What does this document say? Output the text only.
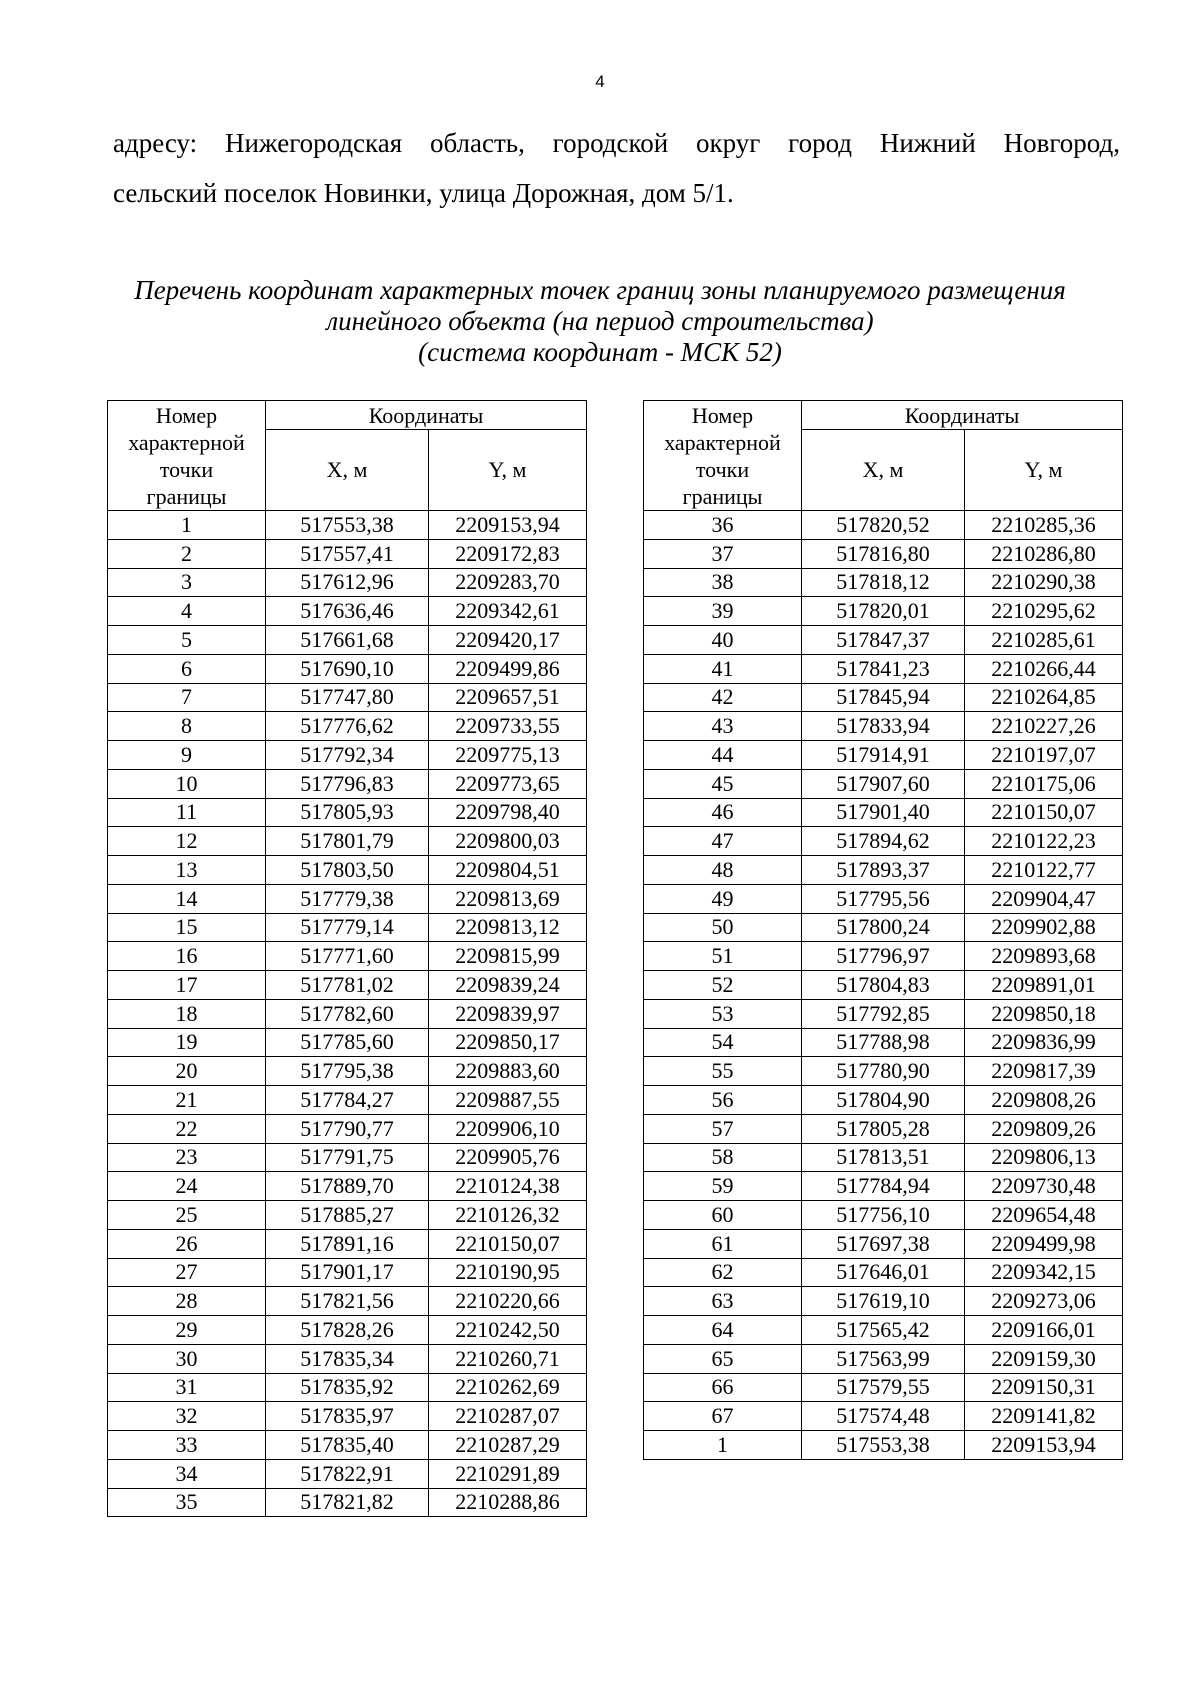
4
адресу: Нижегородская область, городской округ город Нижний Новгород,
сельский поселок Новинки, улица Дорожная, дом 5/1.
Перечень координат характерных точек границ зоны планируемого размещения
линейного объекта (на период строительства)
(система координат - МСК 52)
Номер
характерной
точки
границы	Координаты	
	X, м	Y, м
1	517553,38	2209153,94
2	517557,41	2209172,83
3	517612,96	2209283,70
4	517636,46	2209342,61
5	517661,68	2209420,17
6	517690,10	2209499,86
7	517747,80	2209657,51
8	517776,62	2209733,55
9	517792,34	2209775,13
10	517796,83	2209773,65
11	517805,93	2209798,40
12	517801,79	2209800,03
13	517803,50	2209804,51
14	517779,38	2209813,69
15	517779,14	2209813,12
16	517771,60	2209815,99
17	517781,02	2209839,24
18	517782,60	2209839,97
19	517785,60	2209850,17
20	517795,38	2209883,60
21	517784,27	2209887,55
22	517790,77	2209906,10
23	517791,75	2209905,76
24	517889,70	2210124,38
25	517885,27	2210126,32
26	517891,16	2210150,07
27	517901,17	2210190,95
28	517821,56	2210220,66
29	517828,26	2210242,50
30	517835,34	2210260,71
31	517835,92	2210262,69
32	517835,97	2210287,07
33	517835,40	2210287,29
34	517822,91	2210291,89
35	517821,82	2210288,86
Номер
характерной
точки
границы	Координаты	
	X, м	Y, м
36	517820,52	2210285,36
37	517816,80	2210286,80
38	517818,12	2210290,38
39	517820,01	2210295,62
40	517847,37	2210285,61
41	517841,23	2210266,44
42	517845,94	2210264,85
43	517833,94	2210227,26
44	517914,91	2210197,07
45	517907,60	2210175,06
46	517901,40	2210150,07
47	517894,62	2210122,23
48	517893,37	2210122,77
49	517795,56	2209904,47
50	517800,24	2209902,88
51	517796,97	2209893,68
52	517804,83	2209891,01
53	517792,85	2209850,18
54	517788,98	2209836,99
55	517780,90	2209817,39
56	517804,90	2209808,26
57	517805,28	2209809,26
58	517813,51	2209806,13
59	517784,94	2209730,48
60	517756,10	2209654,48
61	517697,38	2209499,98
62	517646,01	2209342,15
63	517619,10	2209273,06
64	517565,42	2209166,01
65	517563,99	2209159,30
66	517579,55	2209150,31
67	517574,48	2209141,82
1	517553,38	2209153,94
